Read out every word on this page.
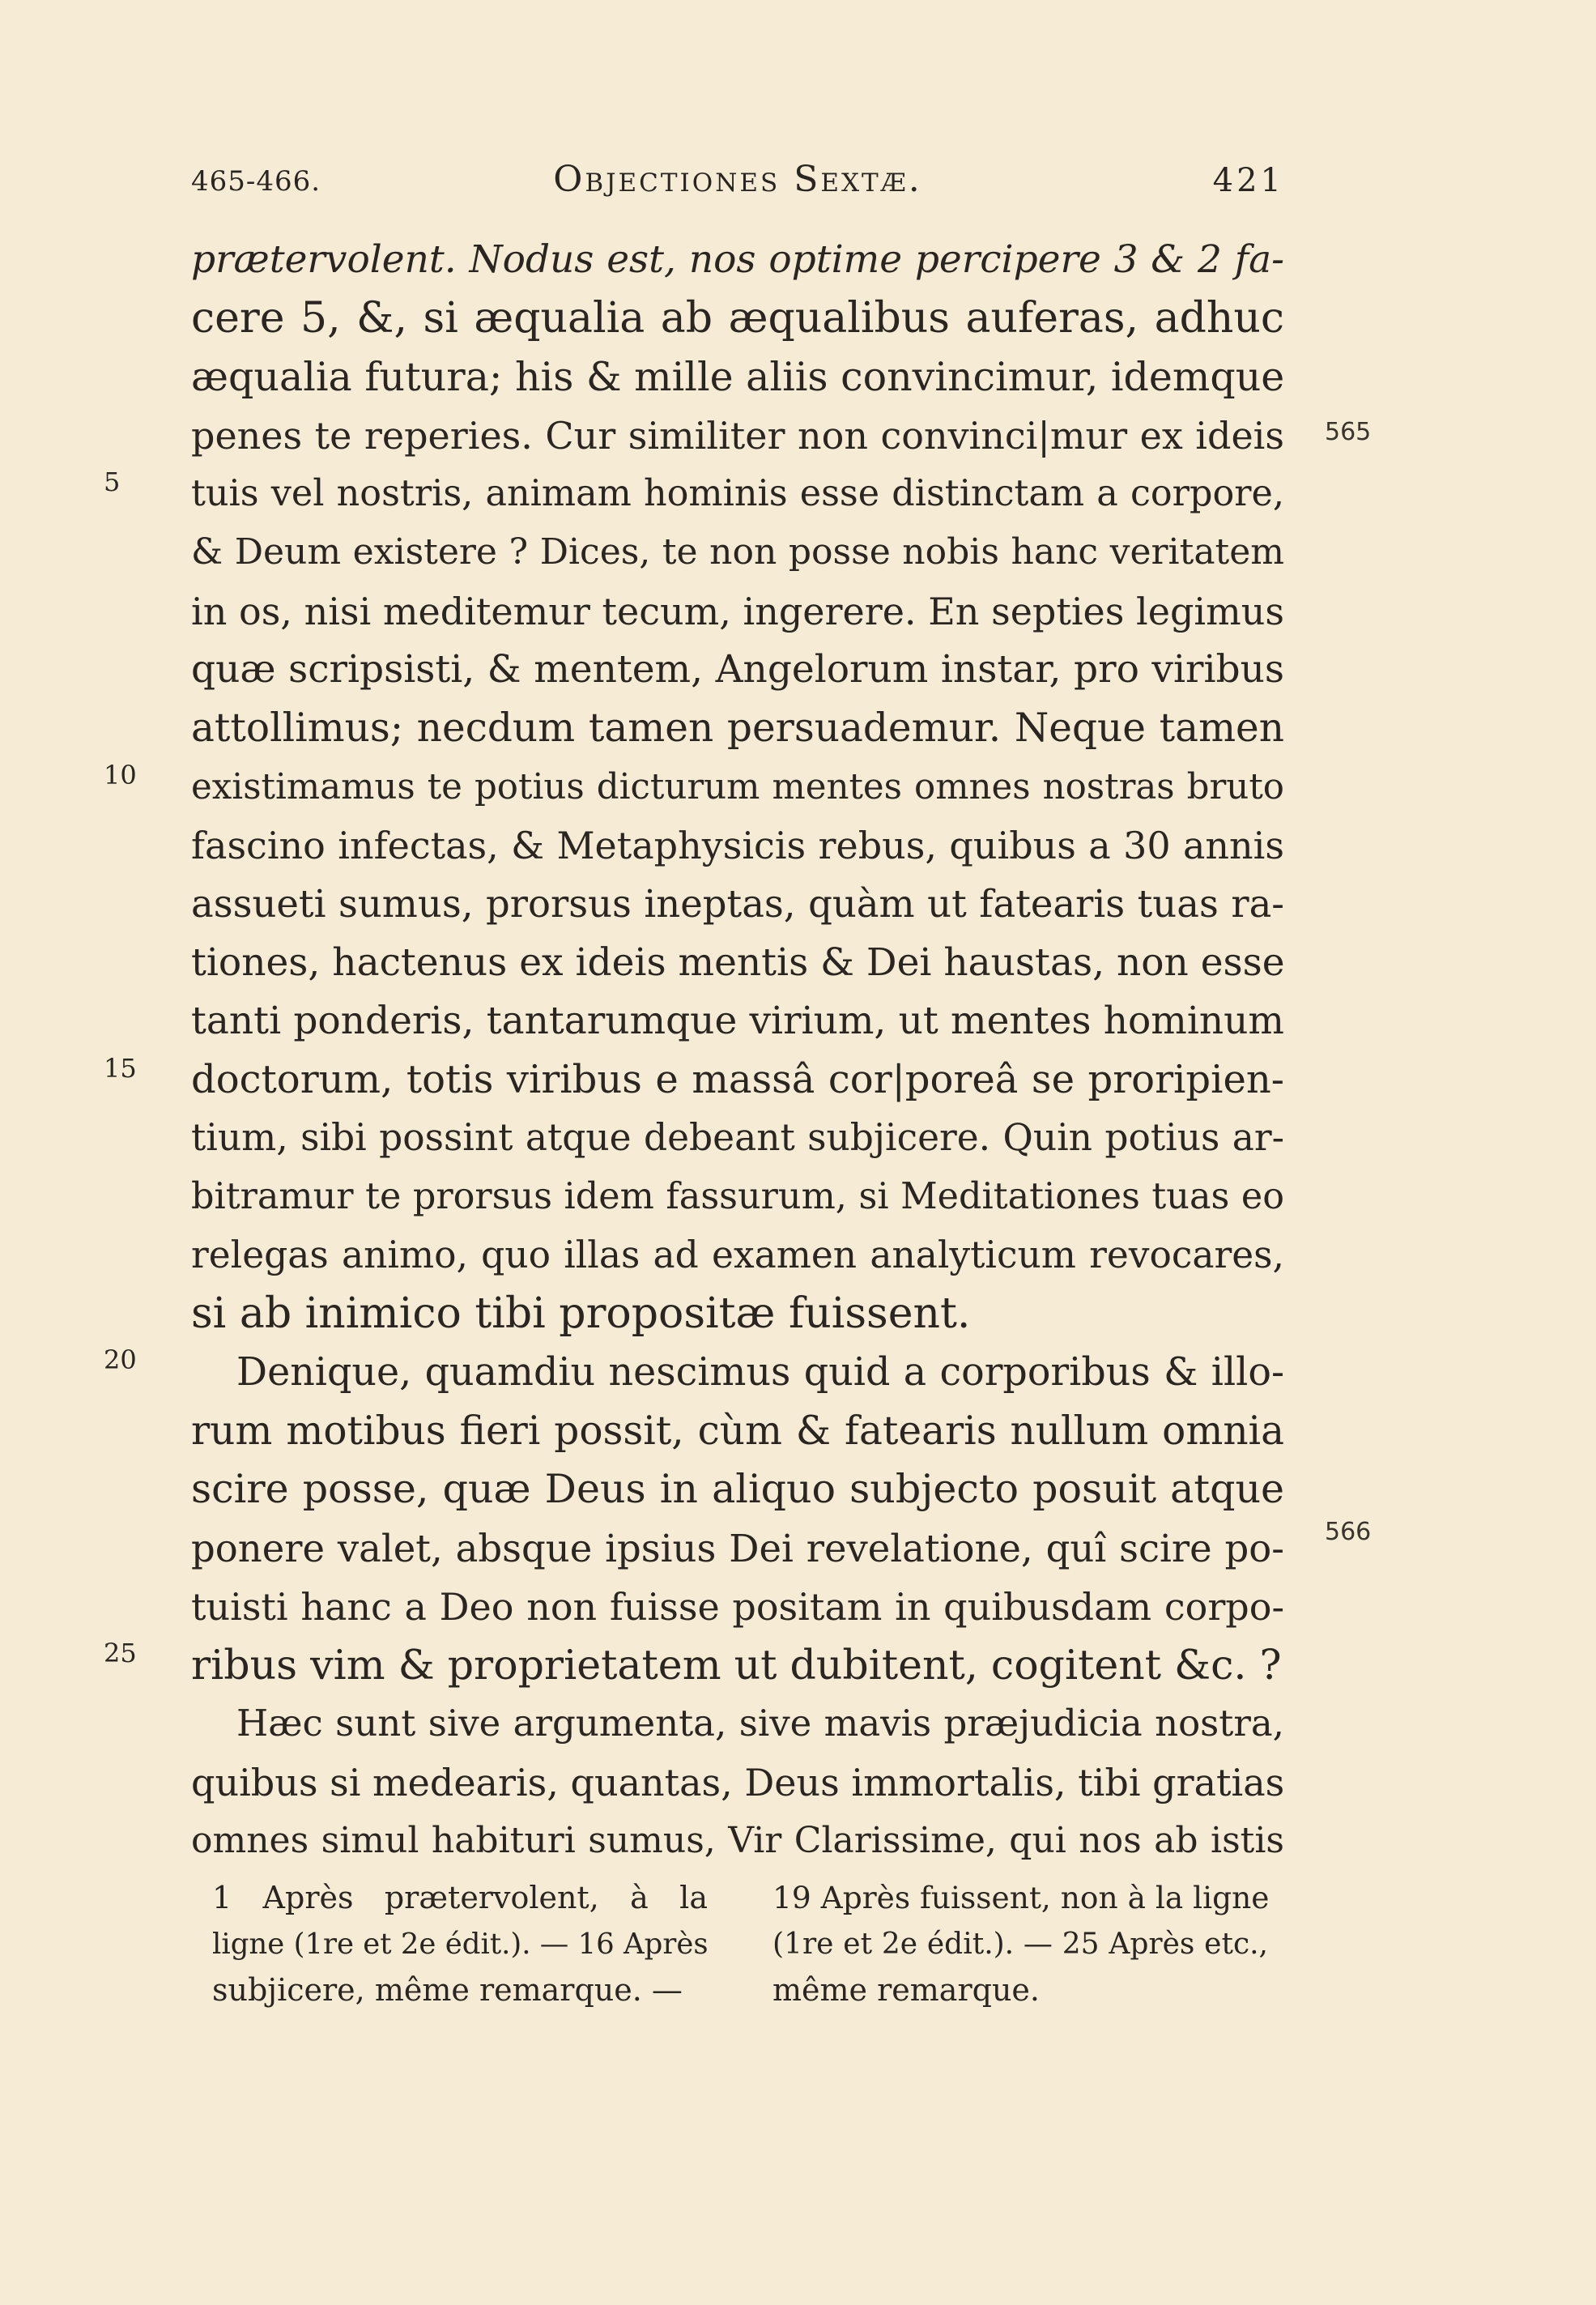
465-466.	Objectiones Sextæ.	421
prætervolent. Nodus est, nos optime percipere 3 & 2 fa-
cere 5, &, si æqualia ab æqualibus auferas, adhuc
æqualia futura; his & mille aliis convincimur, idemque
penes te reperies. Cur similiter non convinci|mur ex ideis
tuis vel nostris, animam hominis esse distinctam a corpore,
& Deum existere ? Dices, te non posse nobis hanc veritatem
in os, nisi meditemur tecum, ingerere. En septies legimus
quæ scripsisti, & mentem, Angelorum instar, pro viribus
attollimus; necdum tamen persuademur. Neque tamen
existimamus te potius dicturum mentes omnes nostras bruto
fascino infectas, & Metaphysicis rebus, quibus a 30 annis
assueti sumus, prorsus ineptas, quàm ut fatearis tuas ra-
tiones, hactenus ex ideis mentis & Dei haustas, non esse
tanti ponderis, tantarumque virium, ut mentes hominum
doctorum, totis viribus e massâ cor|poreâ se proripien-
tium, sibi possint atque debeant subjicere. Quin potius ar-
bitramur te prorsus idem fassurum, si Meditationes tuas eo
relegas animo, quo illas ad examen analyticum revocares,
si ab inimico tibi propositæ fuissent.
Denique, quamdiu nescimus quid a corporibus & illo-
rum motibus fieri possit, cùm & fatearis nullum omnia
scire posse, quæ Deus in aliquo subjecto posuit atque
ponere valet, absque ipsius Dei revelatione, quî scire po-
tuisti hanc a Deo non fuisse positam in quibusdam corpo-
ribus vim & proprietatem ut dubitent, cogitent &c. ?
Hæc sunt sive argumenta, sive mavis præjudicia nostra,
quibus si medearis, quantas, Deus immortalis, tibi gratias
omnes simul habituri sumus, Vir Clarissime, qui nos ab istis
5
10
15
20
25
565
566
1 Après prætervolent, à la
ligne (1re et 2e édit.). — 16 Après
subjicere, même remarque. —
19 Après fuissent, non à la ligne
(1re et 2e édit.). — 25 Après etc.,
même remarque.
